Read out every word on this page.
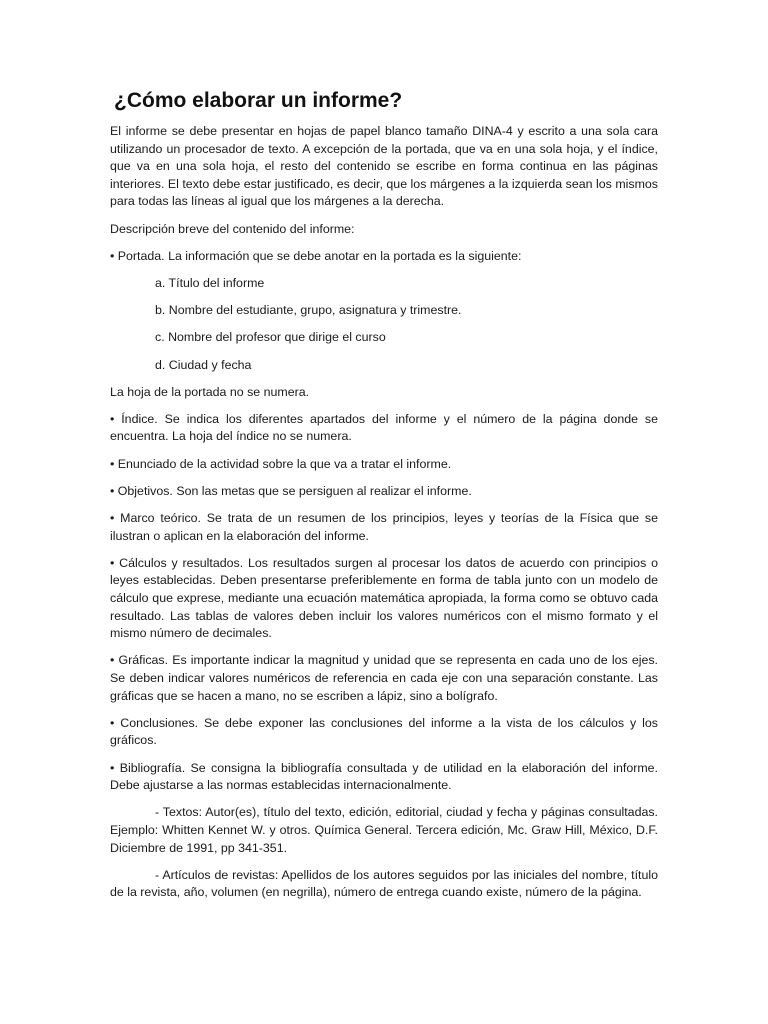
¿Cómo elaborar un informe?

El informe se debe presentar en hojas de papel blanco tamaño DINA-4 y escrito a una sola cara utilizando un procesador de texto. A excepción de la portada, que va en una sola hoja, y el índice, que va en una sola hoja, el resto del contenido se escribe en forma continua en las páginas interiores. El texto debe estar justificado, es decir, que los márgenes a la izquierda sean los mismos para todas las líneas al igual que los márgenes a la derecha.

Descripción breve del contenido del informe:

• Portada. La información que se debe anotar en la portada es la siguiente:

a. Título del informe

b. Nombre del estudiante, grupo, asignatura y trimestre.

c. Nombre del profesor que dirige el curso

d. Ciudad y fecha

La hoja de la portada no se numera.

• Índice. Se indica los diferentes apartados del informe y el número de la página donde se encuentra. La hoja del índice no se numera.

• Enunciado de la actividad sobre la que va a tratar el informe.

• Objetivos. Son las metas que se persiguen al realizar el informe.

• Marco teórico. Se trata de un resumen de los principios, leyes y teorías de la Física que se ilustran o aplican en la elaboración del informe.

• Cálculos y resultados. Los resultados surgen al procesar los datos de acuerdo con principios o leyes establecidas. Deben presentarse preferiblemente en forma de tabla junto con un modelo de cálculo que exprese, mediante una ecuación matemática apropiada, la forma como se obtuvo cada resultado. Las tablas de valores deben incluir los valores numéricos con el mismo formato y el mismo número de decimales.

• Gráficas. Es importante indicar la magnitud y unidad que se representa en cada uno de los ejes. Se deben indicar valores numéricos de referencia en cada eje con una separación constante. Las gráficas que se hacen a mano, no se escriben a lápiz, sino a bolígrafo.

• Conclusiones. Se debe exponer las conclusiones del informe a la vista de los cálculos y los gráficos.

• Bibliografía. Se consigna la bibliografía consultada y de utilidad en la elaboración del informe. Debe ajustarse a las normas establecidas internacionalmente.

- Textos: Autor(es), título del texto, edición, editorial, ciudad y fecha y páginas consultadas. Ejemplo: Whitten Kennet W. y otros. Química General. Tercera edición, Mc. Graw Hill, México, D.F. Diciembre de 1991, pp 341-351.

- Artículos de revistas: Apellidos de los autores seguidos por las iniciales del nombre, título de la revista, año, volumen (en negrilla), número de entrega cuando existe, número de la página.
